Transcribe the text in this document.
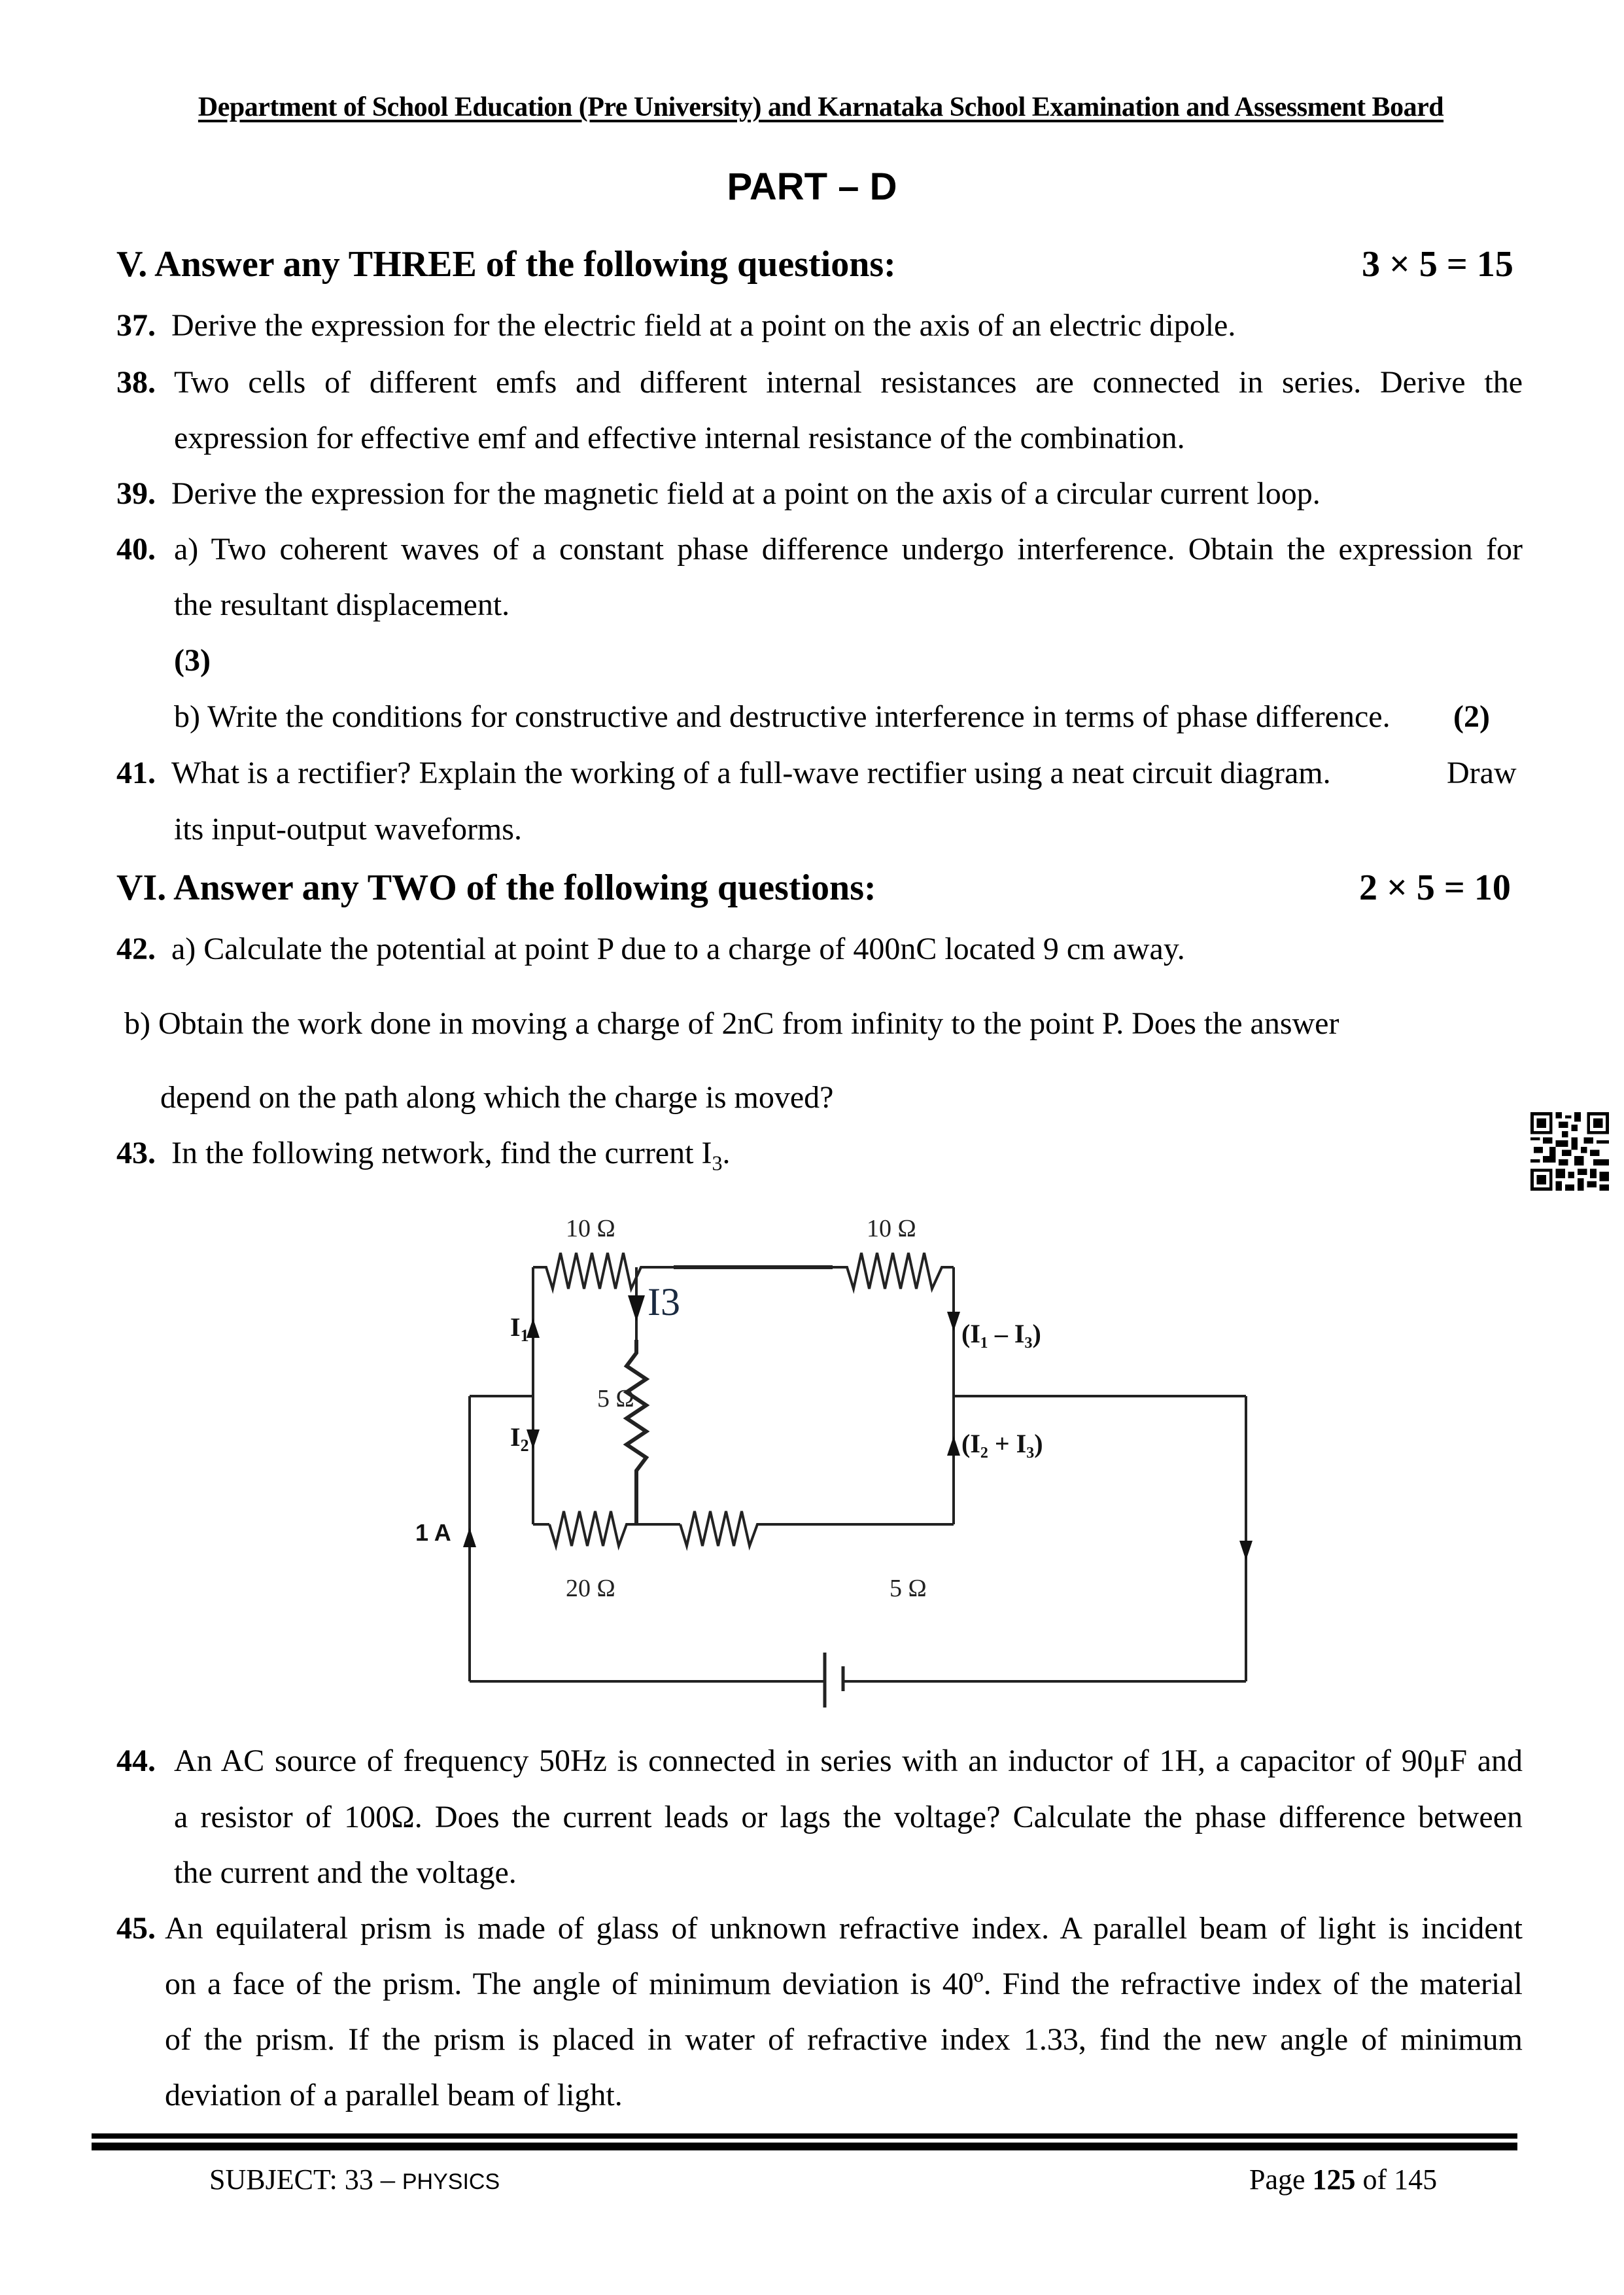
Department of School Education (Pre University) and Karnataka School Examination and Assessment Board
PART – D
V. Answer any THREE of the following questions:	3 × 5 = 15
37. Derive the expression for the electric field at a point on the axis of an electric dipole.
38. Two cells of different emfs and different internal resistances are connected in series. Derive the
expression for effective emf and effective internal resistance of the combination.
39. Derive the expression for the magnetic field at a point on the axis of a circular current loop.
40. a) Two coherent waves of a constant phase difference undergo interference. Obtain the expression for
the resultant displacement.
(3)
b) Write the conditions for constructive and destructive interference in terms of phase difference. (2)
41. What is a rectifier? Explain the working of a full-wave rectifier using a neat circuit diagram.	Draw
its input-output waveforms.
VI. Answer any TWO of the following questions:	2 × 5 = 10
42. a) Calculate the potential at point P due to a charge of 400nC located 9 cm away.
b) Obtain the work done in moving a charge of 2nC from infinity to the point P. Does the answer
depend on the path along which the charge is moved?
43. In the following network, find the current $I_3$.
10 Ω	10 Ω
5 Ω
20 Ω	5 Ω
$I_1$
$I_2$
(I₁ – I₃)
(I₂ + I₃)
I3
1 A
44. An AC source of frequency 50Hz is connected in series with an inductor of 1H, a capacitor of 90μF and
a resistor of 100Ω. Does the current leads or lags the voltage? Calculate the phase difference between
the current and the voltage.
45. An equilateral prism is made of glass of unknown refractive index. A parallel beam of light is incident
on a face of the prism. The angle of minimum deviation is 40º. Find the refractive index of the material
of the prism. If the prism is placed in water of refractive index 1.33, find the new angle of minimum
deviation of a parallel beam of light.
SUBJECT: 33 – PHYSICS	Page 125 of 145
